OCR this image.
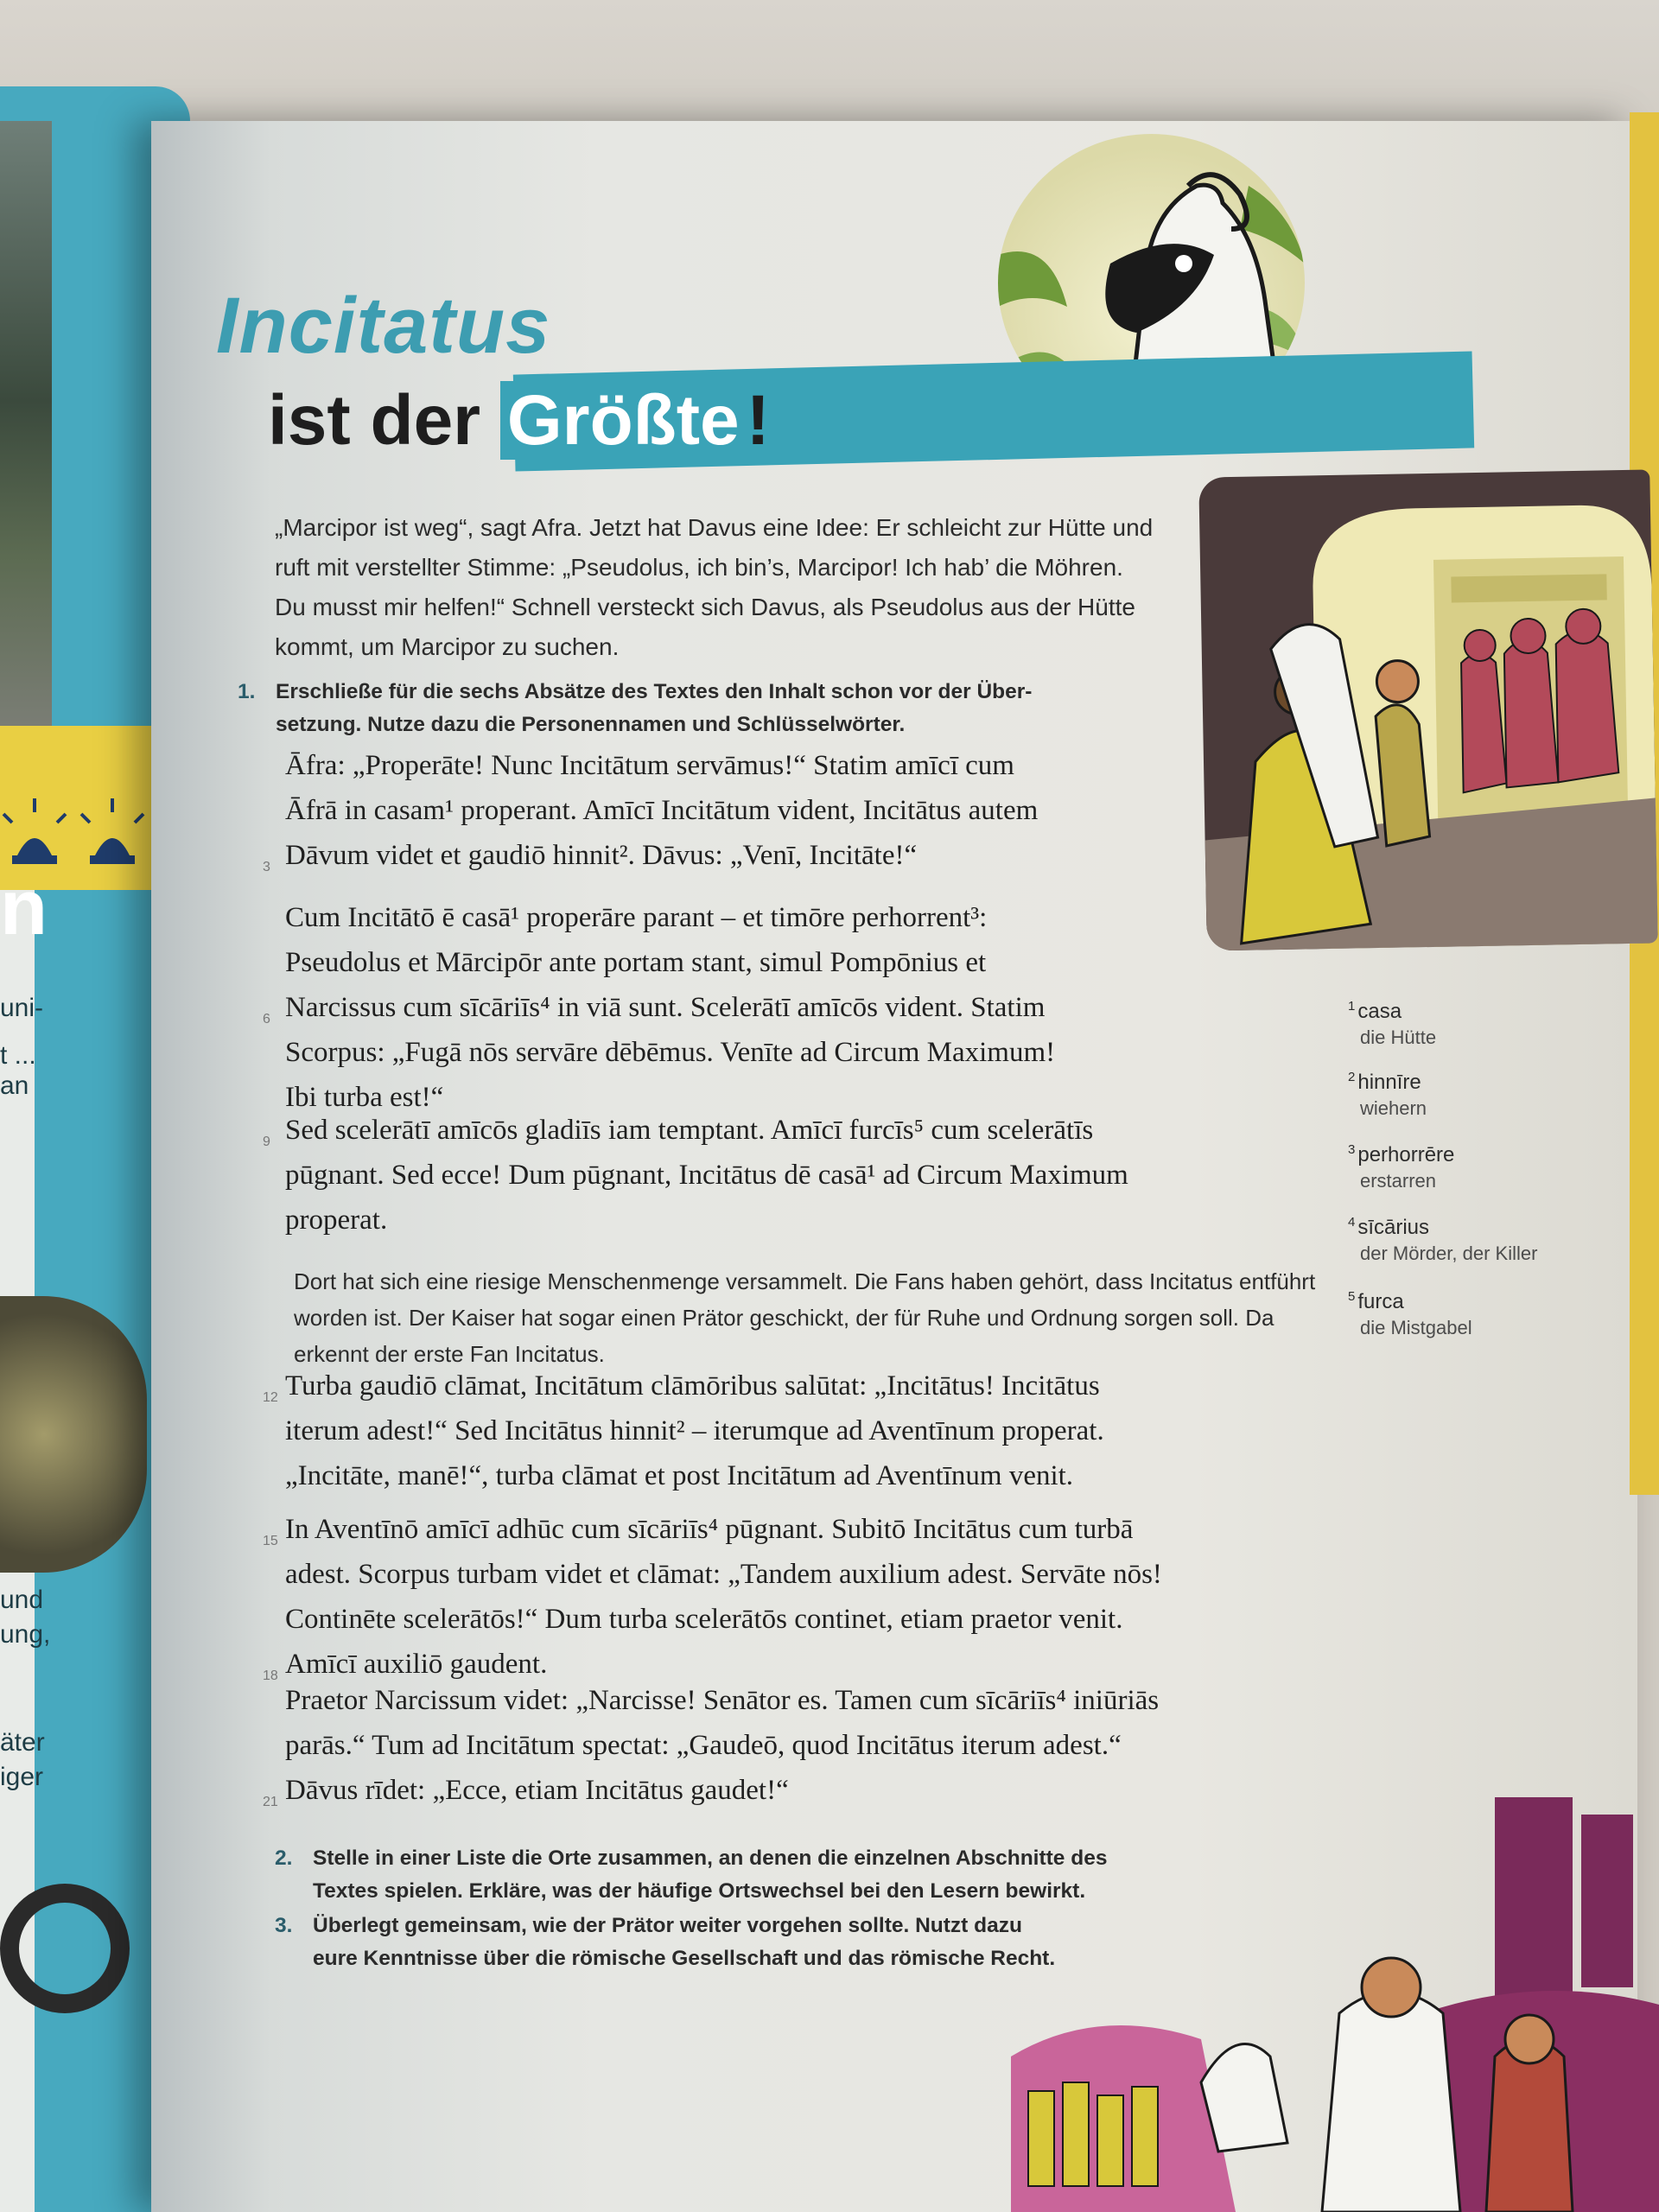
n
uni-
t ...
an
und
ung,
äter
iger
Incitatus
ist der Größte!
„Marcipor ist weg“, sagt Afra. Jetzt hat Davus eine Idee: Er schleicht zur Hütte und ruft mit verstellter Stimme: „Pseudolus, ich bin’s, Marcipor! Ich hab’ die Möhren. Du musst mir helfen!“ Schnell versteckt sich Davus, als Pseudolus aus der Hütte kommt, um Marcipor zu suchen.
1. Erschließe für die sechs Absätze des Textes den Inhalt schon vor der Über-
setzung. Nutze dazu die Personennamen und Schlüsselwörter.
Āfra: „Properāte! Nunc Incitātum servāmus!“ Statim amīcī cum
Āfrā in casam¹ properant. Amīcī Incitātum vident, Incitātus autem
3 Dāvum videt et gaudiō hinnit². Dāvus: „Venī, Incitāte!“
Cum Incitātō ē casā¹ properāre parant – et timōre perhorrent³:
Pseudolus et Mārcipōr ante portam stant, simul Pompōnius et
6 Narcissus cum sīcāriīs⁴ in viā sunt. Scelerātī amīcōs vident. Statim
Scorpus: „Fugā nōs servāre dēbēmus. Venīte ad Circum Maximum!
Ibi turba est!“
9 Sed scelerātī amīcōs gladiīs iam temptant. Amīcī furcīs⁵ cum scelerātīs
pūgnant. Sed ecce! Dum pūgnant, Incitātus dē casā¹ ad Circum Maximum
properat.
Dort hat sich eine riesige Menschenmenge versammelt. Die Fans haben gehört, dass Incitatus entführt worden ist. Der Kaiser hat sogar einen Prätor geschickt, der für Ruhe und Ordnung sorgen soll. Da erkennt der erste Fan Incitatus.
12 Turba gaudiō clāmat, Incitātum clāmōribus salūtat: „Incitātus! Incitātus
iterum adest!“ Sed Incitātus hinnit² – iterumque ad Aventīnum properat.
„Incitāte, manē!“, turba clāmat et post Incitātum ad Aventīnum venit.
15 In Aventīnō amīcī adhūc cum sīcāriīs⁴ pūgnant. Subitō Incitātus cum turbā
adest. Scorpus turbam videt et clāmat: „Tandem auxilium adest. Servāte nōs!
Continēte scelerātōs!“ Dum turba scelerātōs continet, etiam praetor venit.
18 Amīcī auxiliō gaudent.
Praetor Narcissum videt: „Narcisse! Senātor es. Tamen cum sīcāriīs⁴ iniūriās
parās.“ Tum ad Incitātum spectat: „Gaudeō, quod Incitātus iterum adest.“
21 Dāvus rīdet: „Ecce, etiam Incitātus gaudet!“
2. Stelle in einer Liste die Orte zusammen, an denen die einzelnen Abschnitte des
Textes spielen. Erkläre, was der häufige Ortswechsel bei den Lesern bewirkt.
3. Überlegt gemeinsam, wie der Prätor weiter vorgehen sollte. Nutzt dazu
eure Kenntnisse über die römische Gesellschaft und das römische Recht.
$^1$ casa
die Hütte
$^2$ hinnīre
wiehern
$^3$ perhorrēre
erstarren
$^4$ sīcārius
der Mörder, der Killer
$^5$ furca
die Mistgabel
